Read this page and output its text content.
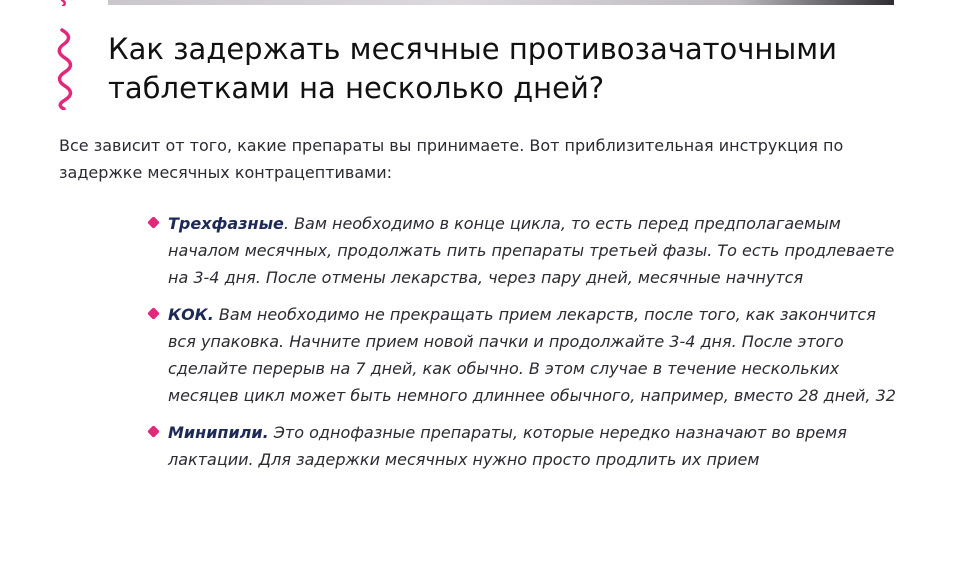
Как задержать месячные противозачаточными таблетками на несколько дней?

Все зависит от того, какие препараты вы принимаете. Вот приблизительная инструкция по задержке месячных контрацептивами:

Трехфазные. Вам необходимо в конце цикла, то есть перед предполагаемым началом месячных, продолжать пить препараты третьей фазы. То есть продлеваете на 3-4 дня. После отмены лекарства, через пару дней, месячные начнутся
КОК. Вам необходимо не прекращать прием лекарств, после того, как закончится вся упаковка. Начните прием новой пачки и продолжайте 3-4 дня. После этого сделайте перерыв на 7 дней, как обычно. В этом случае в течение нескольких месяцев цикл может быть немного длиннее обычного, например, вместо 28 дней, 32
Минипили. Это однофазные препараты, которые нередко назначают во время лактации. Для задержки месячных нужно просто продлить их прием
